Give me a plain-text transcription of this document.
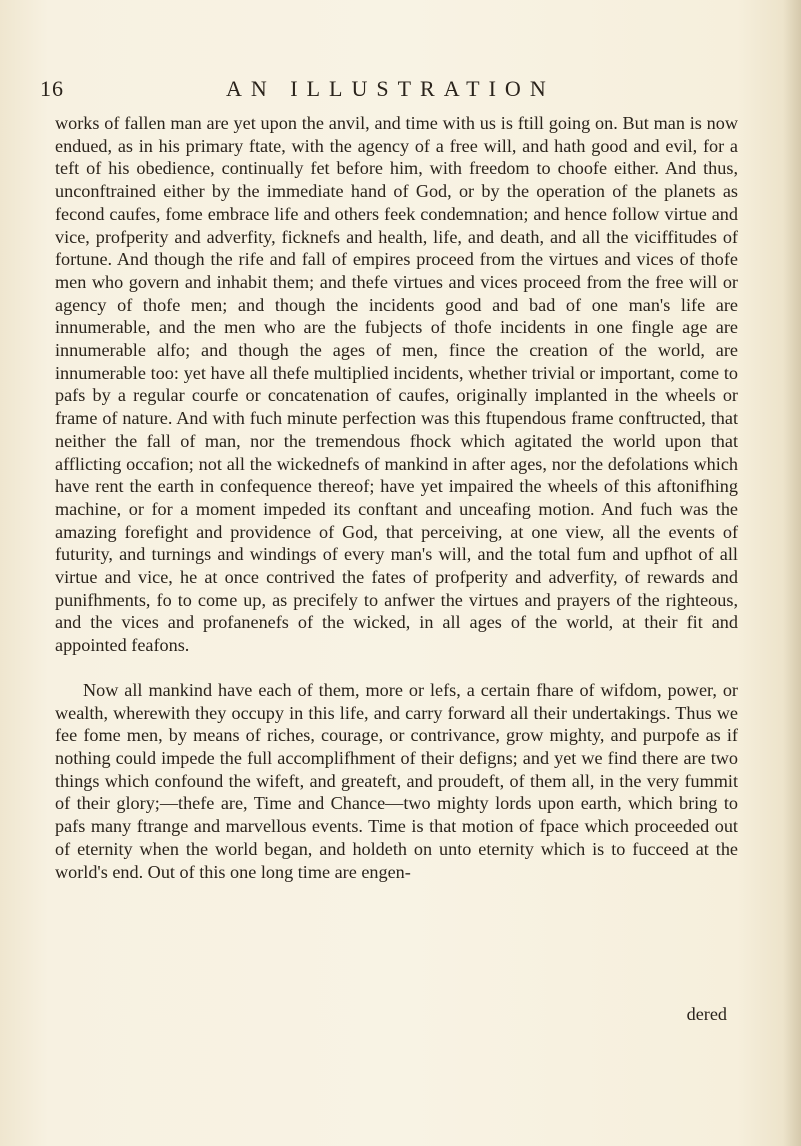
16	AN ILLUSTRATION

works of fallen man are yet upon the anvil, and time with us is ftill going on. But man is now endued, as in his primary ftate, with the agency of a free will, and hath good and evil, for a teft of his obedience, continually fet before him, with freedom to choofe either. And thus, unconftrained either by the immediate hand of God, or by the operation of the planets as fecond caufes, fome embrace life and others feek condemnation; and hence follow virtue and vice, profperity and adverfity, ficknefs and health, life, and death, and all the viciffitudes of fortune. And though the rife and fall of empires proceed from the virtues and vices of thofe men who govern and inhabit them; and thefe virtues and vices proceed from the free will or agency of thofe men; and though the incidents good and bad of one man's life are innumerable, and the men who are the fubjects of thofe incidents in one fingle age are innumerable alfo; and though the ages of men, fince the creation of the world, are innumerable too: yet have all thefe multiplied incidents, whether trivial or important, come to pafs by a regular courfe or concatenation of caufes, originally implanted in the wheels or frame of nature. And with fuch minute perfection was this ftupendous frame conftructed, that neither the fall of man, nor the tremendous fhock which agitated the world upon that afflicting occafion; not all the wickednefs of mankind in after ages, nor the defolations which have rent the earth in confequence thereof; have yet impaired the wheels of this aftonifhing machine, or for a moment impeded its conftant and unceafing motion. And fuch was the amazing forefight and providence of God, that perceiving, at one view, all the events of futurity, and turnings and windings of every man's will, and the total fum and upfhot of all virtue and vice, he at once contrived the fates of profperity and adverfity, of rewards and punifhments, fo to come up, as precifely to anfwer the virtues and prayers of the righteous, and the vices and profanenefs of the wicked, in all ages of the world, at their fit and appointed feafons.

Now all mankind have each of them, more or lefs, a certain fhare of wifdom, power, or wealth, wherewith they occupy in this life, and carry forward all their undertakings. Thus we fee fome men, by means of riches, courage, or contrivance, grow mighty, and purpofe as if nothing could impede the full accomplifhment of their defigns; and yet we find there are two things which confound the wifeft, and greateft, and proudeft, of them all, in the very fummit of their glory;—thefe are, Time and Chance—two mighty lords upon earth, which bring to pafs many ftrange and marvellous events. Time is that motion of fpace which proceeded out of eternity when the world began, and holdeth on unto eternity which is to fucceed at the world's end. Out of this one long time are engen-

dered
